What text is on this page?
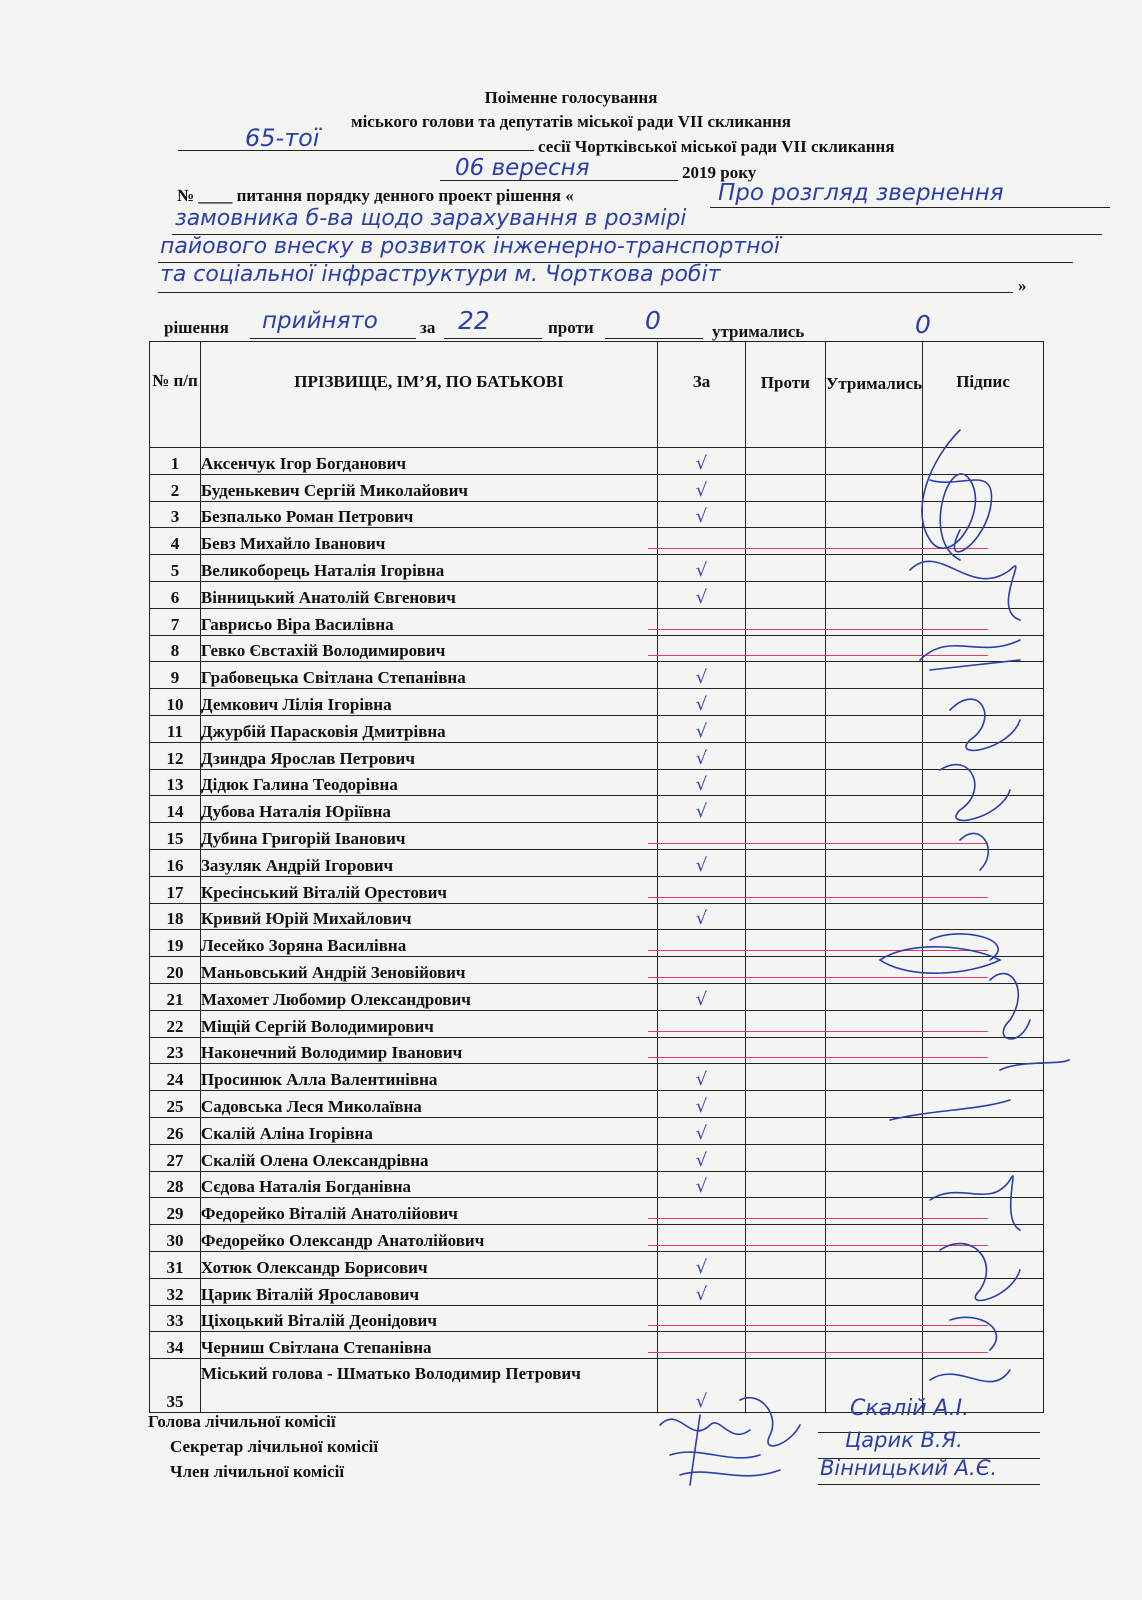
Поіменне голосування
міського голови та депутатів міської ради VII скликання
65-тої	сесії Чортківської міської ради VII скликання
06 вересня	2019 року
№ ____ питання порядку денного проект рішення «	Про розгляд звернення
замовника б-ва щодо зарахування в розмірі
пайового внеску в розвиток інженерно-транспортної
та соціальної інфраструктури м. Чорткова робіт	»
рішення прийнято за 22	проти 0	утримались	0
№ п/п	ПРІЗВИЩЕ, ІМ’Я, ПО БАТЬКОВІ	За	Проти	Утримались	Підпис
1	Аксенчук Ігор Богданович	√			
2	Буденькевич Сергій Миколайович	√			
3	Безпалько Роман Петрович	√			
4	Бевз Михайло Іванович	

5	Великоборець Наталія Ігорівна	√			
6	Вінницький Анатолій Євгенович	√			
7	Гаврисьо Віра Василівна	

8	Гевко Євстахій Володимирович	

9	Грабовецька Світлана Степанівна	√			
10	Демкович Лілія Ігорівна	√			
11	Джурбій Парасковія Дмитрівна	√			
12	Дзиндра Ярослав Петрович	√			
13	Дідюк Галина Теодорівна	√			
14	Дубова Наталія Юріївна	√			
15	Дубина Григорій Іванович	

16	Зазуляк Андрій Ігорович	√			
17	Кресінський Віталій Орестович	

18	Кривий Юрій Михайлович	√			
19	Лесейко Зоряна Василівна	

20	Маньовський Андрій Зеновійович	

21	Махомет Любомир Олександрович	√			
22	Міщій Сергій Володимирович	

23	Наконечний Володимир Іванович	

24	Просинюк Алла Валентинівна	√			
25	Садовська Леся Миколаївна	√			
26	Скалій Аліна Ігорівна	√			
27	Скалій Олена Олександрівна	√			
28	Сєдова Наталія Богданівна	√			
29	Федорейко Віталій Анатолійович	

30	Федорейко Олександр Анатолійович	

31	Хотюк Олександр Борисович	√			
32	Царик Віталій Ярославович	√			
33	Ціхоцький Віталій Деонідович	

34	Черниш Світлана Степанівна	

35	Міський голова - Шматько Володимир Петрович	√			
Голова лічильної комісії
Секретар лічильної комісії
Член лічильної комісії
Скалій А.І.
Царик В.Я.
Вінницький А.Є.
